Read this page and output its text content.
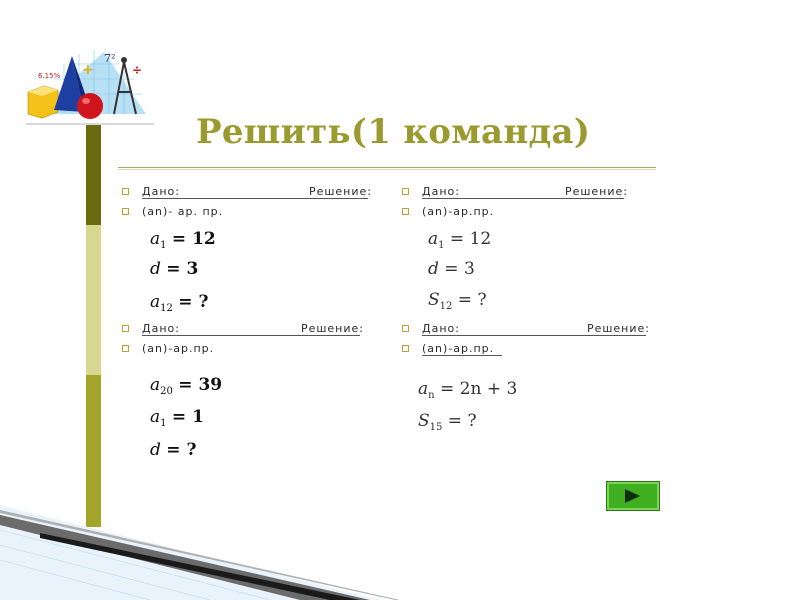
6.15%
7²
+	÷
Решить(1 команда)
Дано:	Решение:
(an)- ар. пр.
$a_1 = 12$
d = 3
$a_{12}$ = ?
Дано:	Решение:
(an)-ар.пр.
$a_1 = 12$
d = 3
$S_{12}$ = ?
Дано:	Решение:
(an)-ар.пр.
$a_{20} = 39$
$a_1 = 1$
d = ?
Дано:	Решение:
(an)-ар.пр.
$a_n = 2n + 3$
$S_{15}$ = ?
